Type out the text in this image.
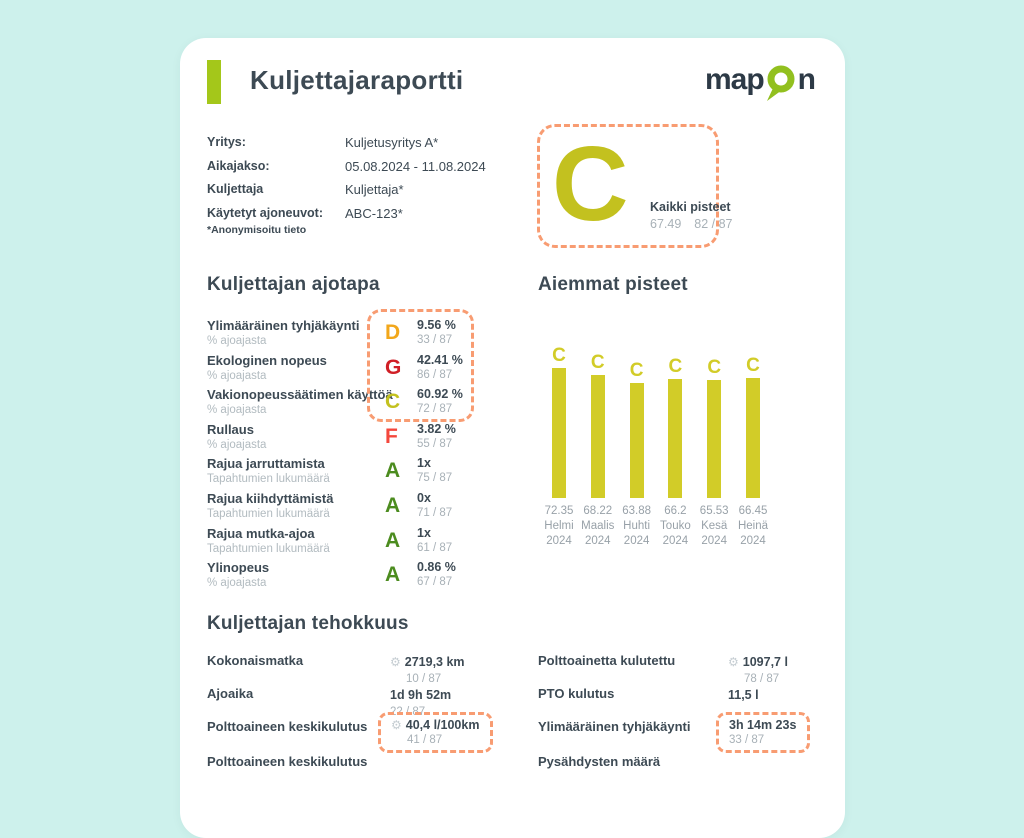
Kuljettajaraportti	map n
Yritys:	Kuljetusyritys A*
Aikajakso:	05.08.2024 - 11.08.2024
Kuljettaja	Kuljettaja*
Käytetyt ajoneuvot:	ABC-123*
*Anonymisoitu tieto C Kaikki pisteet
67.49 82 / 87
Kuljettajan ajotapa
Ylimääräinen tyhjäkäynti
% ajoajasta	D	9.56 %
33 / 87
Ekologinen nopeus
% ajoajasta	G	42.41 %
86 / 87
Vakionopeussäätimen käyttöä
% ajoajasta	C	60.92 %
72 / 87
Rullaus
% ajoajasta	F	3.82 %
55 / 87
Rajua jarruttamista
Tapahtumien lukumäärä	A	1x
75 / 87
Rajua kiihdyttämistä
Tapahtumien lukumäärä	A	0x
71 / 87
Rajua mutka-ajoa
Tapahtumien lukumäärä	A	1x
61 / 87
Ylinopeus
% ajoajasta	A	0.86 %
67 / 87
Aiemmat pisteet
C C C C C C
72.35
Helmi
2024
68.22
Maalis
2024
63.88
Huhti
2024
66.2
Touko
2024
65.53
Kesä
2024
66.45
Heinä
2024
Kuljettajan tehokkuus
Kokonaismatka	⚙ 2719,3 km
10 / 87
Ajoaika	1d 9h 52m
22 / 87
Polttoaineen keskikulutus	⚙ 40,4 l/100km
41 / 87
Polttoaineen keskikulutus
Polttoainetta kulutettu	⚙ 1097,7 l
78 / 87
PTO kulutus	11,5 l
Ylimääräinen tyhjäkäynti	3h 14m 23s
33 / 87
Pysähdysten määrä
